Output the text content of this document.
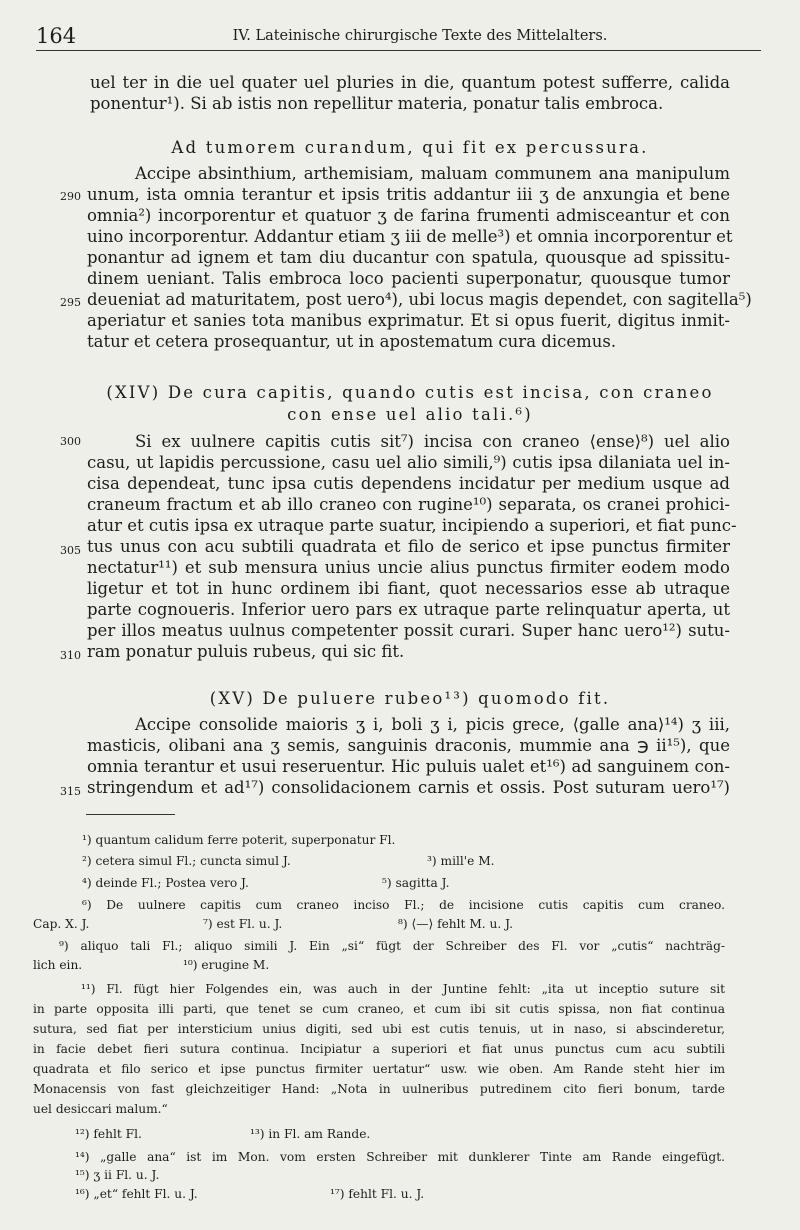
164	IV. Lateinische chirurgische Texte des Mittelalters.
uel ter in die uel quater uel pluries in die, quantum potest sufferre, calida
ponentur¹). Si ab istis non repellitur materia, ponatur talis embroca.
Ad tumorem curandum, qui fit ex percussura.
Accipe absinthium, arthemisiam, maluam communem ana manipulum
unum, ista omnia terantur et ipsis tritis addantur iii ʒ de anxungia et bene
omnia²) incorporentur et quatuor ʒ de farina frumenti admisceantur et con
uino incorporentur. Addantur etiam ʒ iii de melle³) et omnia incorporentur et
ponantur ad ignem et tam diu ducantur con spatula, quousque ad spissitu-
dinem ueniant. Talis embroca loco pacienti superponatur, quousque tumor
deueniat ad maturitatem, post uero⁴), ubi locus magis dependet, con sagitella⁵)
aperiatur et sanies tota manibus exprimatur. Et si opus fuerit, digitus inmit-
tatur et cetera prosequantur, ut in apostematum cura dicemus.
(XIV) De cura capitis, quando cutis est incisa, con craneo
con ense uel alio tali.⁶)
Si ex uulnere capitis cutis sit⁷) incisa con craneo ⟨ense⟩⁸) uel alio
casu, ut lapidis percussione, casu uel alio simili,⁹) cutis ipsa dilaniata uel in-
cisa dependeat, tunc ipsa cutis dependens incidatur per medium usque ad
craneum fractum et ab illo craneo con rugine¹⁰) separata, os cranei prohici-
atur et cutis ipsa ex utraque parte suatur, incipiendo a superiori, et fiat punc-
tus unus con acu subtili quadrata et filo de serico et ipse punctus firmiter
nectatur¹¹) et sub mensura unius uncie alius punctus firmiter eodem modo
ligetur et tot in hunc ordinem ibi fiant, quot necessarios esse ab utraque
parte cognoueris. Inferior uero pars ex utraque parte relinquatur aperta, ut
per illos meatus uulnus competenter possit curari. Super hanc uero¹²) sutu-
ram ponatur puluis rubeus, qui sic fit.
(XV) De puluere rubeo¹³) quomodo fit.
Accipe consolide maioris ʒ i, boli ʒ i, picis grece, ⟨galle ana⟩¹⁴) ʒ iii,
masticis, olibani ana ʒ semis, sanguinis draconis, mummie ana ℈ ii¹⁵), que
omnia terantur et usui reseruentur. Hic puluis ualet et¹⁶) ad sanguinem con-
stringendum et ad¹⁷) consolidacionem carnis et ossis. Post suturam uero¹⁷)
290
295
300
305
310
315
¹) quantum calidum ferre poterit, superponatur Fl.
²) cetera simul Fl.; cuncta simul J.	³) mill'e M.
⁴) deinde Fl.; Postea vero J.	⁵) sagitta J.
⁶) De uulnere capitis cum craneo inciso Fl.; de incisione cutis capitis cum craneo.
Cap. X. J.	⁷) est Fl. u. J.	⁸) ⟨—⟩ fehlt M. u. J.
⁹) aliquo tali Fl.; aliquo simili J. Ein „si“ fügt der Schreiber des Fl. vor „cutis“ nachträg-
lich ein.	¹⁰) erugine M.
¹¹) Fl. fügt hier Folgendes ein, was auch in der Juntine fehlt: „ita ut inceptio suture sit
in parte opposita illi parti, que tenet se cum craneo, et cum ibi sit cutis spissa, non fiat continua
sutura, sed fiat per intersticium unius digiti, sed ubi est cutis tenuis, ut in naso, si abscinderetur,
in facie debet fieri sutura continua. Incipiatur a superiori et fiat unus punctus cum acu subtili
quadrata et filo serico et ipse punctus firmiter uertatur“ usw. wie oben. Am Rande steht hier im
Monacensis von fast gleichzeitiger Hand: „Nota in uulneribus putredinem cito fieri bonum, tarde
uel desiccari malum.“
¹²) fehlt Fl.	¹³) in Fl. am Rande.
¹⁴) „galle ana“ ist im Mon. vom ersten Schreiber mit dunklerer Tinte am Rande eingefügt.
¹⁵) ʒ ii Fl. u. J.
¹⁶) „et“ fehlt Fl. u. J.	¹⁷) fehlt Fl. u. J.
